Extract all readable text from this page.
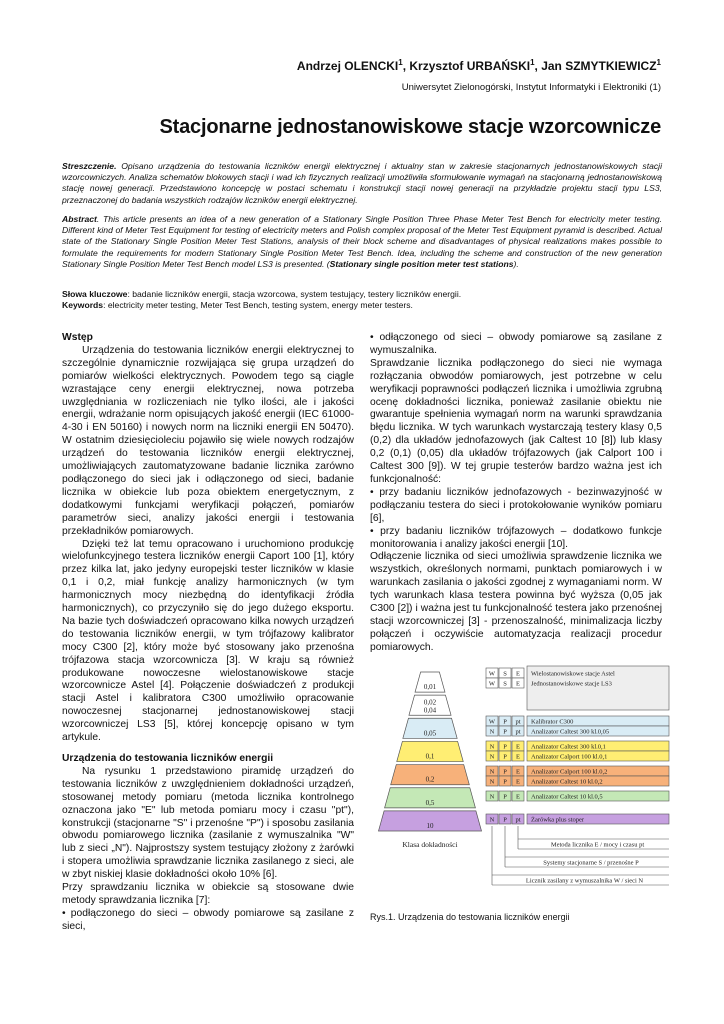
Andrzej OLENCKI$^1$, Krzysztof URBAŃSKI$^1$, Jan SZMYTKIEWICZ$^1$
Uniwersytet Zielonogórski, Instytut Informatyki i Elektroniki (1)
Stacjonarne jednostanowiskowe stacje wzorcownicze
Streszczenie. Opisano urządzenia do testowania liczników energii elektrycznej i aktualny stan w zakresie stacjonarnych jednostanowiskowych stacji wzorcowniczych. Analiza schematów blokowych stacji i wad ich fizycznych realizacji umożliwiła sformułowanie wymagań na stacjonarną jednostanowiskową stację nowej generacji. Przedstawiono koncepcję w postaci schematu i konstrukcji stacji nowej generacji na przykładzie projektu stacji typu LS3, przeznaczonej do badania wszystkich rodzajów liczników energii elektrycznej.
Abstract. This article presents an idea of a new generation of a Stationary Single Position Three Phase Meter Test Bench for electricity meter testing. Different kind of Meter Test Equipment for testing of electricity meters and Polish complex proposal of the Meter Test Equipment pyramid is described. Actual state of the Stationary Single Position Meter Test Stations, analysis of their block scheme and disadvantages of physical realizations makes possible to formulate the requirements for modern Stationary Single Position Meter Test Bench. Idea, including the scheme and construction of the new generation Stationary Single Position Meter Test Bench model LS3 is presented. (Stationary single position meter test stations).
Słowa kluczowe: badanie liczników energii, stacja wzorcowa, system testujący, testery liczników energii.
Keywords: electricity meter testing, Meter Test Bench, testing system, energy meter testers.

Wstęp

Urządzenia do testowania liczników energii elektrycznej to szczególnie dynamicznie rozwijająca się grupa urządzeń do pomiarów wielkości elektrycznych. Powodem tego są ciągle wzrastające ceny energii elektrycznej, nowa potrzeba uwzględniania w rozliczeniach nie tylko ilości, ale i jakości energii, wdrażanie norm opisujących jakość energii (IEC 61000-4-30 i EN 50160) i nowych norm na liczniki energii EN 50470). W ostatnim dziesięcioleciu pojawiło się wiele nowych rodzajów urządzeń do testowania liczników energii elektrycznej, umożliwiających zautomatyzowane badanie licznika zarówno podłączonego do sieci jak i odłączonego od sieci, badanie licznika w obiekcie lub poza obiektem energetycznym, z dodatkowymi funkcjami weryfikacji połączeń, pomiarów parametrów sieci, analizy jakości energii i testowania przekładników pomiarowych.

Dzięki też lat temu opracowano i uruchomiono produkcję wielofunkcyjnego testera liczników energii Caport 100 [1], który przez kilka lat, jako jedyny europejski tester liczników w klasie 0,1 i 0,2, miał funkcję analizy harmonicznych (w tym harmonicznych mocy niezbędną do identyfikacji źródła harmonicznych), co przyczyniło się do jego dużego eksportu. Na bazie tych doświadczeń opracowano kilka nowych urządzeń do testowania liczników energii, w tym trójfazowy kalibrator mocy C300 [2], który może być stosowany jako przenośna trójfazowa stacja wzorcownicza [3]. W kraju są również produkowane nowoczesne wielostanowiskowe stacje wzorcownicze Astel [4]. Połączenie doświadczeń z produkcji stacji Astel i kalibratora C300 umożliwiło opracowanie nowoczesnej stacjonarnej jednostanowiskowej stacji wzorcowniczej LS3 [5], której koncepcję opisano w tym artykule.

Urządzenia do testowania liczników energii

Na rysunku 1 przedstawiono piramidę urządzeń do testowania liczników z uwzględnieniem dokładności urządzeń, stosowanej metody pomiaru (metoda licznika kontrolnego oznaczona jako "E" lub metoda pomiaru mocy i czasu "pt"), konstrukcji (stacjonarne "S" i przenośne "P") i sposobu zasilania obwodu pomiarowego licznika (zasilanie z wymuszalnika "W" lub z sieci „N"). Najprostszy system testujący złożony z żarówki i stopera umożliwia sprawdzanie licznika zasilanego z sieci, ale w zbyt niskiej klasie dokładności około 10% [6].

Przy sprawdzaniu licznika w obiekcie są stosowane dwie metody sprawdzania licznika [7]:

• podłączonego do sieci – obwody pomiarowe są zasilane z sieci,

• odłączonego od sieci – obwody pomiarowe są zasilane z wymuszalnika.

Sprawdzanie licznika podłączonego do sieci nie wymaga rozłączania obwodów pomiarowych, jest potrzebne w celu weryfikacji poprawności podłączeń licznika i umożliwia zgrubną ocenę dokładności licznika, ponieważ zasilanie obiektu nie gwarantuje spełnienia wymagań norm na warunki sprawdzania błędu licznika. W tych warunkach wystarczają testery klasy 0,5 (0,2) dla układów jednofazowych (jak Caltest 10 [8]) lub klasy 0,2 (0,1) (0,05) dla układów trójfazowych (jak Calport 100 i Caltest 300 [9]). W tej grupie testerów bardzo ważna jest ich funkcjonalność:

• przy badaniu liczników jednofazowych - bezinwazyjność w podłączaniu testera do sieci i protokołowanie wyników pomiaru [6],

• przy badaniu liczników trójfazowych – dodatkowo funkcje monitorowania i analizy jakości energii [10].

Odłączenie licznika od sieci umożliwia sprawdzenie licznika we wszystkich, określonych normami, punktach pomiarowych i w warunkach zasilania o jakości zgodnej z wymaganiami norm. W tych warunkach klasa testera powinna być wyższa (0,05 jak C300 [2]) i ważna jest tu funkcjonalność testera jako przenośnej stacji wzorcowniczej [3] - przenoszalność, minimalizacja liczby połączeń i oczywiście automatyzacja realizacji procedur pomiarowych.

0,01
0,02
0,04
0,05
0,1
0,2
0,5
10
Klasa dokładności
W S E Wielostanowiskowe stacje Astel
W S E Jednostanowiskowe stacje LS3
W P pt Kalibrator C300
N P pt Analizator Caltest 300 kl.0,05
N P E Analizator Caltest 300 kl.0,1
N P E Analizator Calport 100 kl.0,1
N P E Analizator Calport 100 kl.0,2
N P E Analizator Caltest 10 kl.0,2
N P E Analizator Caltest 10 kl.0,5
N P pt Żarówka plus stoper
Metoda licznika E / mocy i czasu pt
Systemy stacjonarne S / przenośne P
Licznik zasilany z wymuszalnika W / sieci N
Rys.1. Urządzenia do testowania liczników energii
